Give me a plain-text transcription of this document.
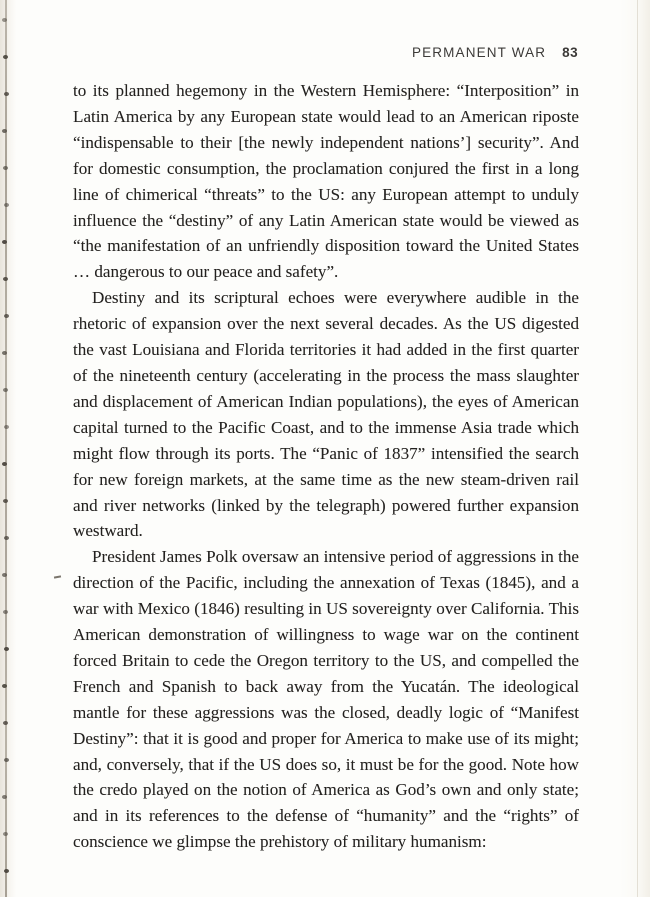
PERMANENT WAR 83

to its planned hegemony in the Western Hemisphere: “Interposition” in Latin America by any European state would lead to an American riposte “indispensable to their [the newly independent nations’] security”. And for domestic consumption, the proclamation conjured the first in a long line of chimerical “threats” to the US: any European attempt to unduly influence the “destiny” of any Latin American state would be viewed as “the manifestation of an unfriendly disposition toward the United States … dangerous to our peace and safety”.

Destiny and its scriptural echoes were everywhere audible in the rhetoric of expansion over the next several decades. As the US digested the vast Louisiana and Florida territories it had added in the first quarter of the nineteenth century (accelerating in the process the mass slaughter and displacement of American Indian populations), the eyes of American capital turned to the Pacific Coast, and to the immense Asia trade which might flow through its ports. The “Panic of 1837” intensified the search for new foreign markets, at the same time as the new steam-driven rail and river networks (linked by the telegraph) powered further expansion westward.

President James Polk oversaw an intensive period of aggressions in the direction of the Pacific, including the annexation of Texas (1845), and a war with Mexico (1846) resulting in US sovereignty over California. This American demonstration of willingness to wage war on the continent forced Britain to cede the Oregon territory to the US, and compelled the French and Spanish to back away from the Yucatán. The ideological mantle for these aggressions was the closed, deadly logic of “Manifest Destiny”: that it is good and proper for America to make use of its might; and, conversely, that if the US does so, it must be for the good. Note how the credo played on the notion of America as God’s own and only state; and in its references to the defense of “humanity” and the “rights” of conscience we glimpse the prehistory of military humanism:
